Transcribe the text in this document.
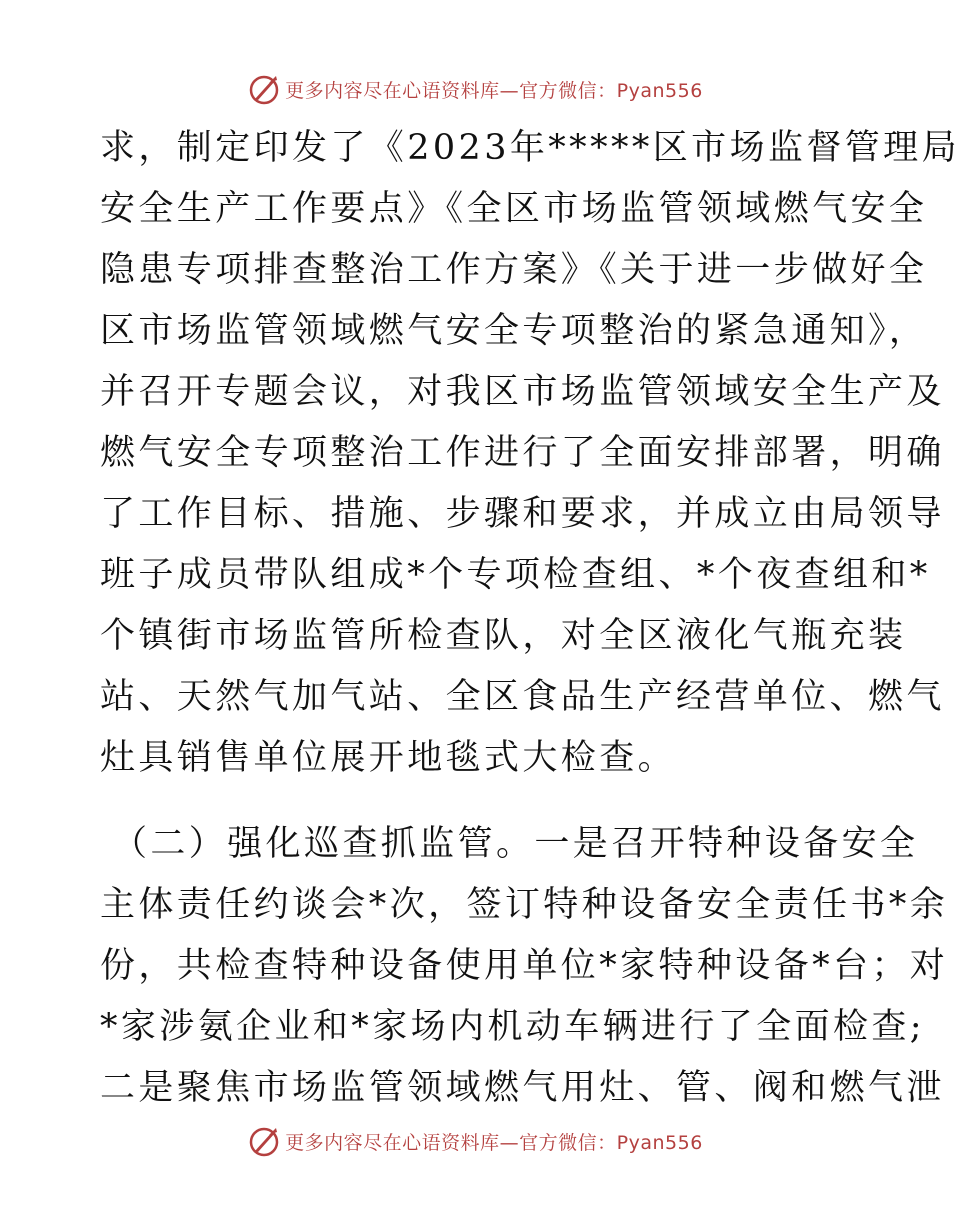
更多内容尽在心语资料库—官方微信：Pyan556
求，制定印发了《2023年*****区市场监督管理局
安全生产工作要点》《全区市场监管领域燃气安全
隐患专项排查整治工作方案》《关于进一步做好全
区市场监管领域燃气安全专项整治的紧急通知》，
并召开专题会议，对我区市场监管领域安全生产及
燃气安全专项整治工作进行了全面安排部署，明确
了工作目标、措施、步骤和要求，并成立由局领导
班子成员带队组成*个专项检查组、*个夜查组和*
个镇街市场监管所检查队，对全区液化气瓶充装
站、天然气加气站、全区食品生产经营单位、燃气
灶具销售单位展开地毯式大检查。
（二）强化巡查抓监管。一是召开特种设备安全
主体责任约谈会*次，签订特种设备安全责任书*余
份，共检查特种设备使用单位*家特种设备*台；对
*家涉氨企业和*家场内机动车辆进行了全面检查;
二是聚焦市场监管领域燃气用灶、管、阀和燃气泄
更多内容尽在心语资料库—官方微信：Pyan556
